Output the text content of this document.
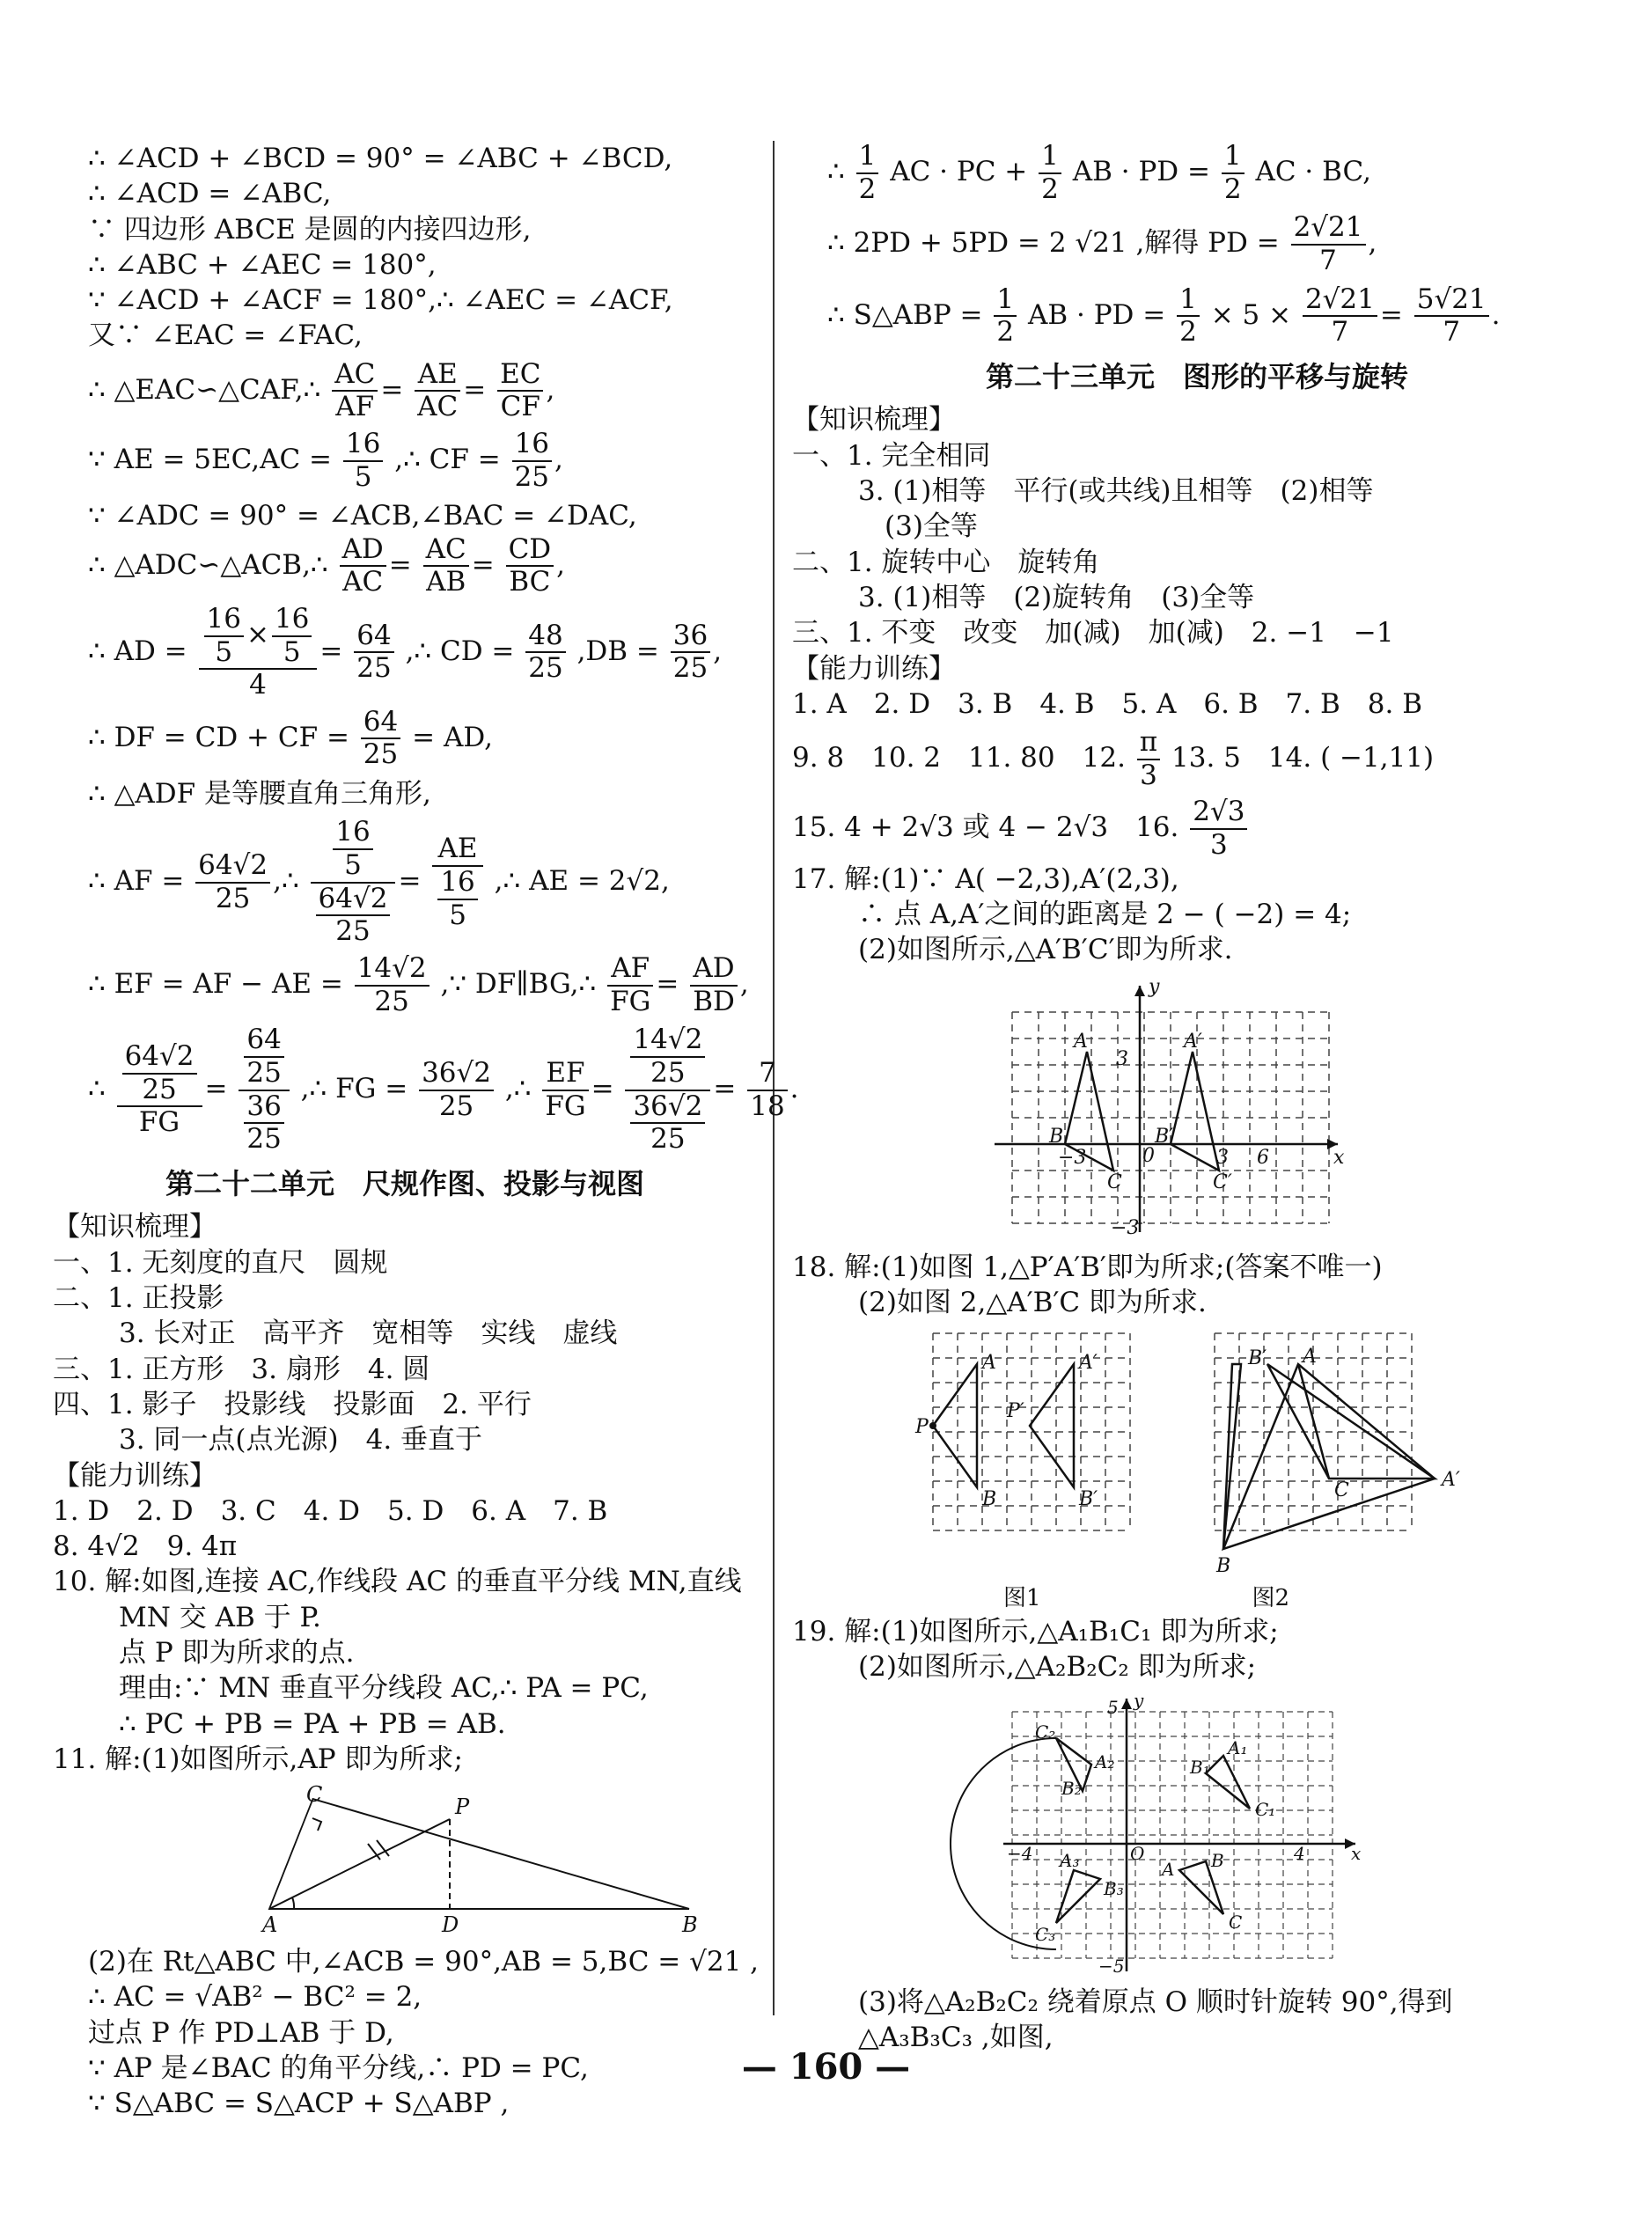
∴ ∠ACD + ∠BCD = 90° = ∠ABC + ∠BCD,
∴ ∠ACD = ∠ABC,
∵ 四边形 ABCE 是圆的内接四边形,
∴ ∠ABC + ∠AEC = 180°,
∵ ∠ACD + ∠ACF = 180°,∴ ∠AEC = ∠ACF,
又∵ ∠EAC = ∠FAC,
∴ △EAC∽△CAF,∴ $\frac{AC}{AF} = \frac{AE}{AC} = \frac{EC}{CF}$ ,
∵ AE = $5EC,AC = \frac{16}{5}$ ,∴ CF = $\frac{16}{25}$ ,
∵ ∠ADC = 90° = ∠ACB,∠BAC = ∠DAC,
∴ △ADC∽△ACB,∴ $\frac{AD}{AC} = \frac{AC}{AB} = \frac{CD}{BC}$ ,
∴ AD = $\frac{\frac{16}{5} \times \frac{16}{5}}{4} = \frac{64}{25}$ ,∴ CD = $\frac{48}{25} ,DB = \frac{36}{25}$ ,
∴ DF = CD + CF = $\frac{64}{25}$ = AD,
∴ △ADF 是等腰直角三角形,
∴ AF = $\frac{64√2}{25}$ ,∴ $\frac{\frac{16}{5}}{\frac{64√2}{25}} = \frac{AE}{\frac{16}{5}}$ ,∴ AE = 2√2,
∴ EF = AF − AE = $\frac{14√2}{25}$ ,∵ DF∥BG,∴ $\frac{AF}{FG} = \frac{AD}{BD}$ ,
∴ $\frac{\frac{64√2}{25}}{FG} = \frac{\frac{64}{25}}{\frac{36}{25}}$ ,∴ FG = $\frac{36√2}{25}$ ,∴ $\frac{EF}{FG} = \frac{\frac{14√2}{25}}{\frac{36√2}{25}} = \frac{7}{18}$ .
第二十二单元　尺规作图、投影与视图
【知识梳理】
一、1. 无刻度的直尺　圆规
二、1. 正投影
3. 长对正　高平齐　宽相等　实线　虚线
三、1. 正方形　3. 扇形　4. 圆
四、1. 影子　投影线　投影面　2. 平行
3. 同一点(点光源)　4. 垂直于
【能力训练】
1. D　2. D　3. C　4. D　5. D　6. A　7. B
8. 4√2　9. 4π
10. 解:如图,连接 AC,作线段 AC 的垂直平分线 MN,直线
MN 交 AB 于 P.
点 P 即为所求的点.
理由:∵ MN 垂直平分线段 AC,∴ PA = PC,
∴ PC + PB = PA + PB = AB.
11. 解:(1)如图所示,AP 即为所求;
C	P
A	D	B
(2)在 Rt△ABC 中,∠ACB = 90°,AB = 5,BC = √21 ,
∴ AC = √AB² − BC² = 2,
过点 P 作 PD⊥AB 于 D,
∵ AP 是∠BAC 的角平分线,∴ PD = PC,
∵ S△ABC = S△ACP + S△ABP ,
∴ $\frac{1}{2}$ AC · PC + $\frac{1}{2}$ AB · PD = $\frac{1}{2}$ AC · BC,
∴ 2PD + 5PD = 2 √21 ,解得 PD = $\frac{2√21}{7}$ ,
∴ S△ABP = $\frac{1}{2}$ AB · PD = $\frac{1}{2} \times 5 \times \frac{2√21}{7} = \frac{5√21}{7}$ .
第二十三单元　图形的平移与旋转
【知识梳理】
一、1. 完全相同
3. (1)相等　平行(或共线)且相等　(2)相等
(3)全等
二、1. 旋转中心　旋转角
3. (1)相等　(2)旋转角　(3)全等
三、1. 不变　改变　加(减)　加(减)　2. −1　−1
【能力训练】
1. A　2. D　3. B　4. B　5. A　6. B　7. B　8. B
9. 8　10. 2　11. 80　12. $\frac{\pi}{3} 13$. 5　14. ( −1,11)
15. 4 + 2√3 或 4 − 2√3　16. $\frac{2√3}{3}$
17. 解:(1)∵ A( −2,3),A′(2,3),
∴ 点 A,A′之间的距离是 2 − ( −2) = 4;
(2)如图所示,△A′B′C′即为所求.
y
x
0
A	A′
B	B′
C	C′
3
−3
6
3
−3
18. 解:(1)如图 1,△P′A′B′即为所求;(答案不唯一)
(2)如图 2,△A′B′C 即为所求.
A	A′
P
P′
B	B′
B′ A
C	A′
B
图1	图2
19. 解:(1)如图所示,△A₁B₁C₁ 即为所求;
(2)如图所示,△A₂B₂C₂ 即为所求;
y
x
O
A₁
B₁
C₁
A B
C
C₂
A₂
B₂
A₃
B₃
C₃
5
−5
4
−4
(3)将△A₂B₂C₂ 绕着原点 O 顺时针旋转 90°,得到
△A₃B₃C₃ ,如图,
— 160 —
